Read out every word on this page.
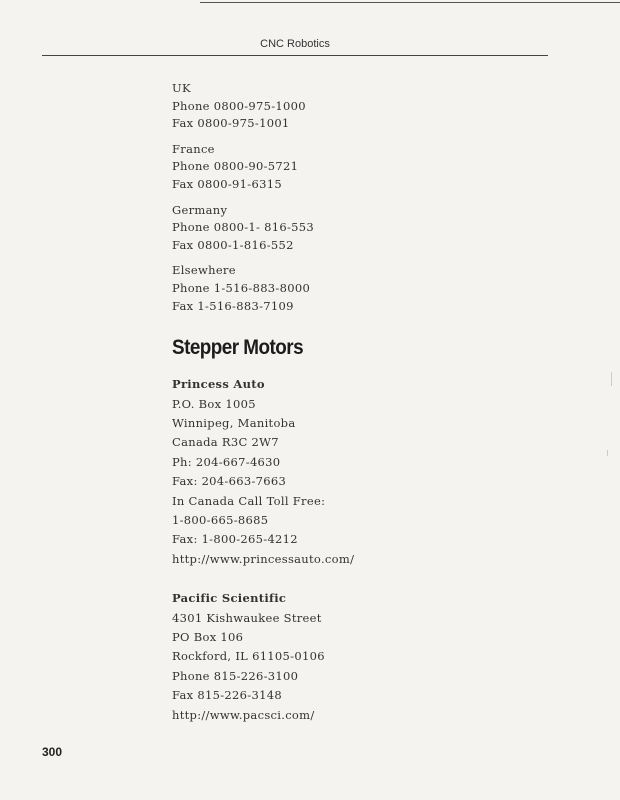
CNC Robotics
UK
Phone 0800-975-1000
Fax 0800-975-1001
France
Phone 0800-90-5721
Fax 0800-91-6315
Germany
Phone 0800-1- 816-553
Fax 0800-1-816-552
Elsewhere
Phone 1-516-883-8000
Fax 1-516-883-7109
Stepper Motors
Princess Auto
P.O. Box 1005
Winnipeg, Manitoba
Canada R3C 2W7
Ph: 204-667-4630
Fax: 204-663-7663
In Canada Call Toll Free:
1-800-665-8685
Fax: 1-800-265-4212
http://www.princessauto.com/
Pacific Scientific
4301 Kishwaukee Street
PO Box 106
Rockford, IL 61105-0106
Phone 815-226-3100
Fax 815-226-3148
http://www.pacsci.com/
300
